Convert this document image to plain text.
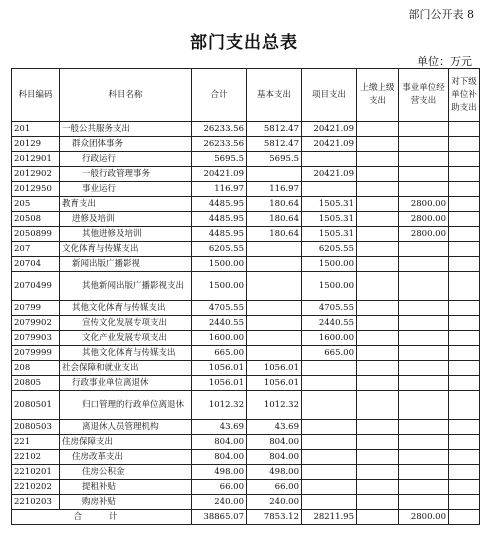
部门公开表 8
部门支出总表
单位：万元
科目编码	科目名称	合计	基本支出	项目支出	上缴上级支出	事业单位经营支出	对下级单位补助支出
201	一般公共服务支出	26233.56	5812.47	20421.09			
20129	群众团体事务	26233.56	5812.47	20421.09			
2012901	行政运行	5695.5	5695.5				
2012902	一般行政管理事务	20421.09		20421.09			
2012950	事业运行	116.97	116.97				
205	教育支出	4485.95	180.64	1505.31		2800.00	
20508	进修及培训	4485.95	180.64	1505.31		2800.00	
2050899	其他进修及培训	4485.95	180.64	1505.31		2800.00	
207	文化体育与传媒支出	6205.55		6205.55			
20704	新闻出版广播影视	1500.00		1500.00			
2070499	其他新闻出版广播影视支出	1500.00		1500.00			
20799	其他文化体育与传媒支出	4705.55		4705.55			
2079902	宣传文化发展专项支出	2440.55		2440.55			
2079903	文化产业发展专项支出	1600.00		1600.00			
2079999	其他文化体育与传媒支出	665.00		665.00			
208	社会保障和就业支出	1056.01	1056.01				
20805	行政事业单位离退休	1056.01	1056.01				
2080501	归口管理的行政单位离退休	1012.32	1012.32				
2080503	离退休人员管理机构	43.69	43.69				
221	住房保障支出	804.00	804.00				
22102	住房改革支出	804.00	804.00				
2210201	住房公积金	498.00	498.00				
2210202	提租补贴	66.00	66.00				
2210203	购房补贴	240.00	240.00				
合 计		38865.07	7853.12	28211.95		2800.00	
